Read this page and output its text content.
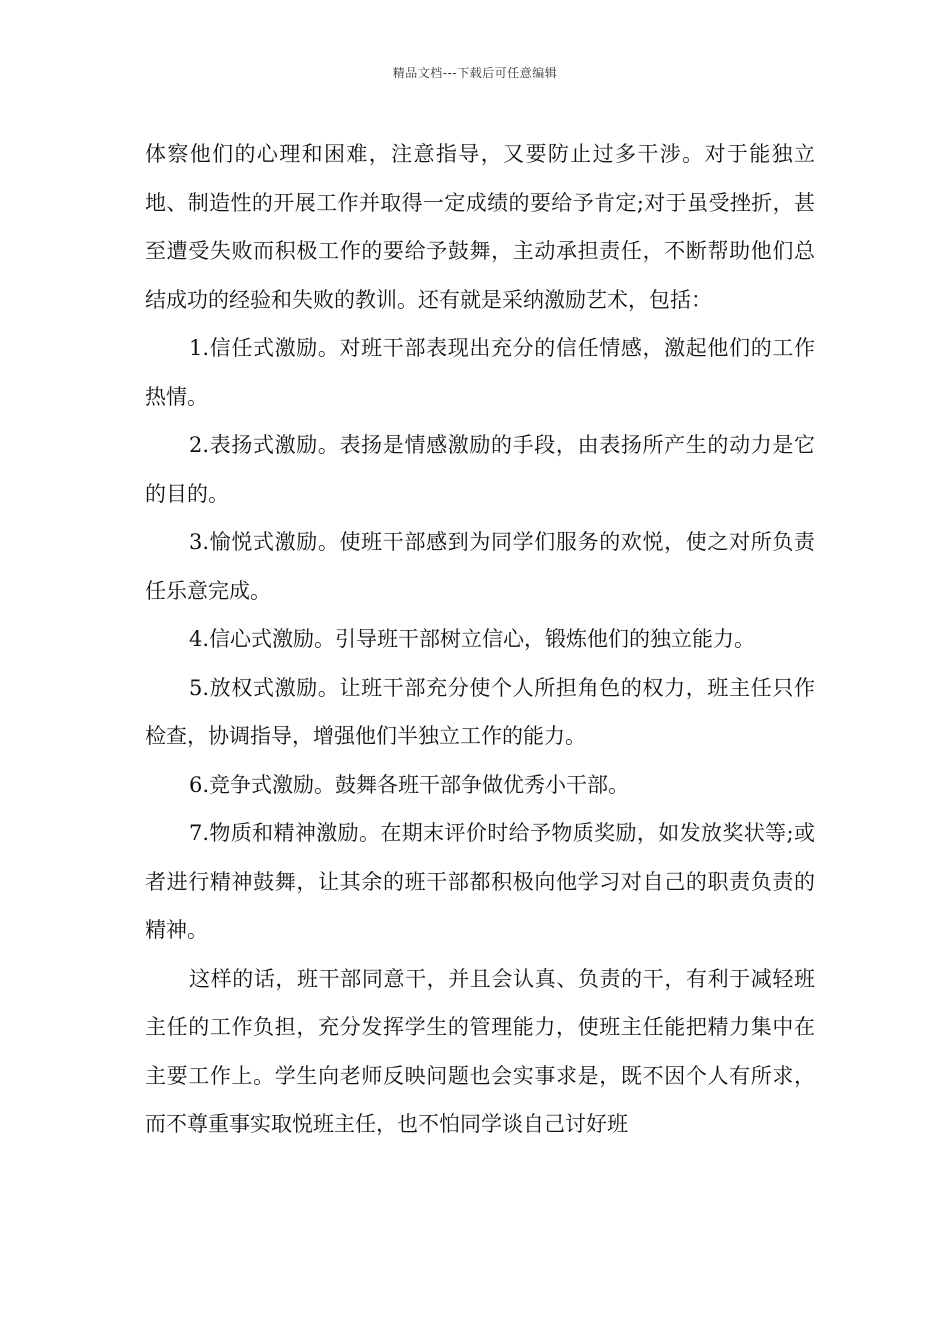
精品文档---下载后可任意编辑

体察他们的心理和困难，注意指导，又要防止过多干涉。对于能独立地、制造性的开展工作并取得一定成绩的要给予肯定;对于虽受挫折，甚至遭受失败而积极工作的要给予鼓舞，主动承担责任，不断帮助他们总结成功的经验和失败的教训。还有就是采纳激励艺术，包括：

1.信任式激励。对班干部表现出充分的信任情感，激起他们的工作热情。

2.表扬式激励。表扬是情感激励的手段，由表扬所产生的动力是它的目的。

3.愉悦式激励。使班干部感到为同学们服务的欢悦，使之对所负责任乐意完成。

4.信心式激励。引导班干部树立信心，锻炼他们的独立能力。

5.放权式激励。让班干部充分使个人所担角色的权力，班主任只作检查，协调指导，增强他们半独立工作的能力。

6.竞争式激励。鼓舞各班干部争做优秀小干部。

7.物质和精神激励。在期末评价时给予物质奖励，如发放奖状等;或者进行精神鼓舞，让其余的班干部都积极向他学习对自己的职责负责的精神。

这样的话，班干部同意干，并且会认真、负责的干，有利于减轻班主任的工作负担，充分发挥学生的管理能力，使班主任能把精力集中在主要工作上。学生向老师反映问题也会实事求是，既不因个人有所求，而不尊重事实取悦班主任，也不怕同学谈自己讨好班
